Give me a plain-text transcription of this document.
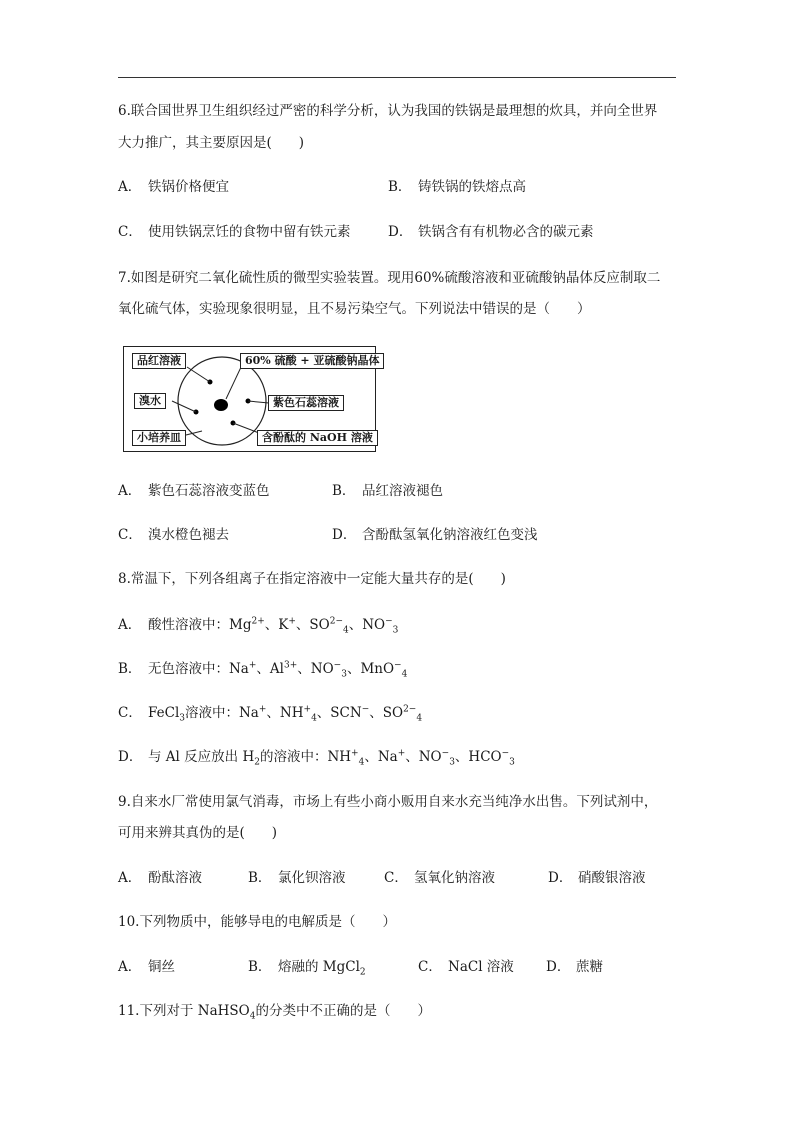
6.联合国世界卫生组织经过严密的科学分析，认为我国的铁锅是最理想的炊具，并向全世界
大力推广，其主要原因是(　　)
A． 铁锅价格便宜	B． 铸铁锅的铁熔点高
C． 使用铁锅烹饪的食物中留有铁元素	D． 铁锅含有有机物必含的碳元素
7.如图是研究二氧化硫性质的微型实验装置。现用60%硫酸溶液和亚硫酸钠晶体反应制取二
氧化硫气体，实验现象很明显，且不易污染空气。下列说法中错误的是（　　）
品红溶液	60% 硫酸 + 亚硫酸钠晶体
溴水	紫色石蕊溶液
小培养皿	含酚酞的 NaOH 溶液
A． 紫色石蕊溶液变蓝色	B． 品红溶液褪色
C． 溴水橙色褪去	D． 含酚酞氢氧化钠溶液红色变浅
8.常温下，下列各组离子在指定溶液中一定能大量共存的是(　　)
A． 酸性溶液中：$Mg^{2+}$、K+、$SO^{2-}_4$、$NO^-_3$
B． 无色溶液中：Na+、$Al^{3+}$、$NO^-_3$、MnO−$_4$
C． FeCl$_3$溶液中：Na+、$NH^+_4$、SCN−、$SO^{2-}_4$
D． 与 Al 反应放出 $H_2$的溶液中：$NH^+_4$、Na+、$NO^-_3$、$HCO^-_3$
9.自来水厂常使用氯气消毒，市场上有些小商小贩用自来水充当纯净水出售。下列试剂中，
可用来辨其真伪的是(　　)
A． 酚酞溶液	B． 氯化钡溶液	C． 氢氧化钠溶液	D． 硝酸银溶液
10.下列物质中，能够导电的电解质是（　　）
A． 铜丝	B． 熔融的 MgCl$_2$	C． NaCl 溶液 D． 蔗糖
11.下列对于 NaHSO$_4$的分类中不正确的是（　　）
